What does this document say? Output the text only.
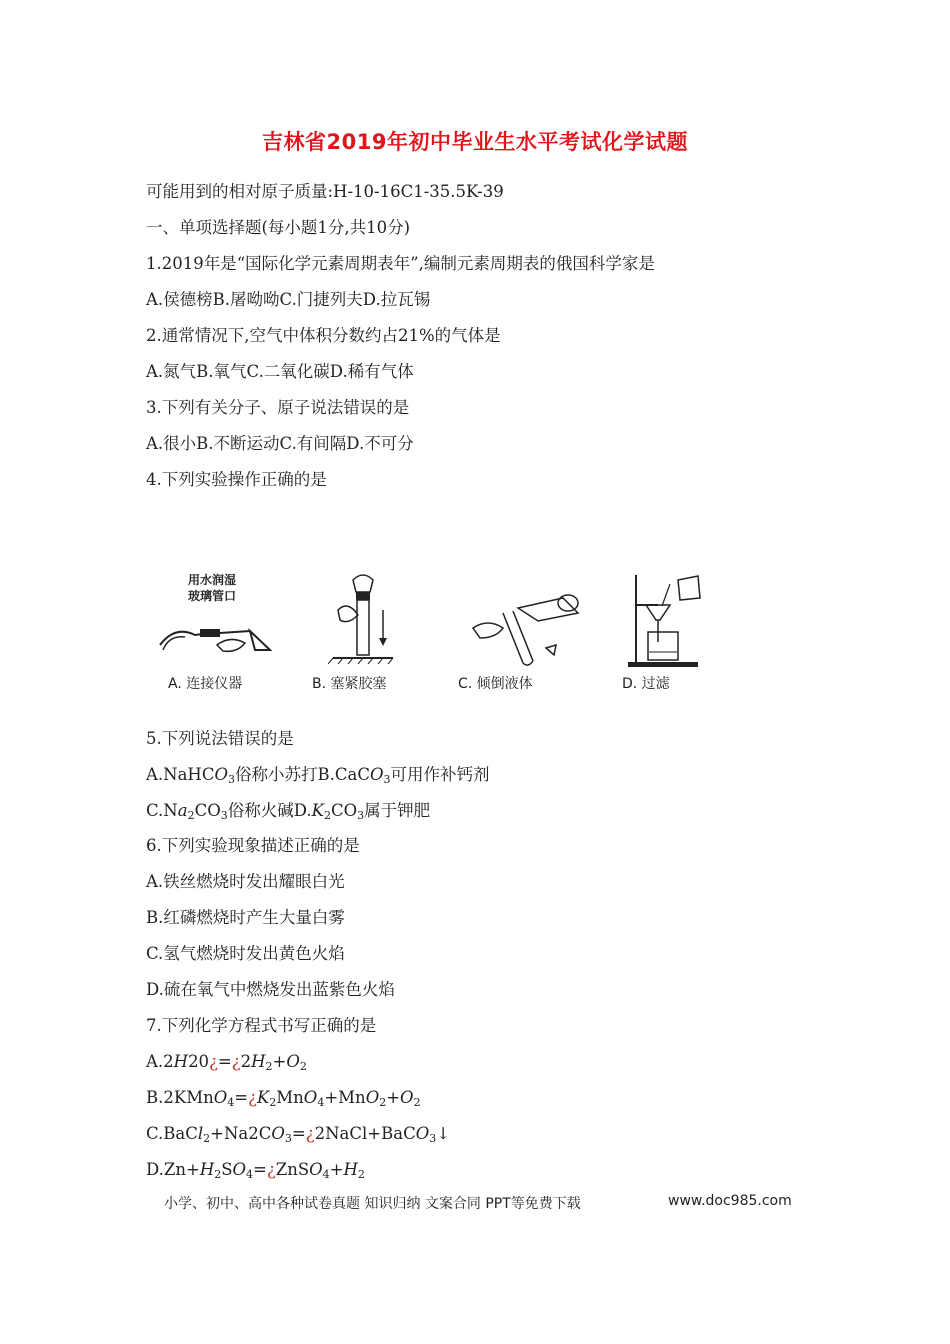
吉林省2019年初中毕业生水平考试化学试题
可能用到的相对原子质量:H-10-16C1-35.5K-39
一、单项选择题(每小题1分,共10分)
1.2019年是“国际化学元素周期表年”,编制元素周期表的俄国科学家是
A.侯德榜B.屠呦呦C.门捷列夫D.拉瓦锡
2.通常情况下,空气中体积分数约占21%的气体是
A.氮气B.氧气C.二氧化碳D.稀有气体
3.下列有关分子、原子说法错误的是
A.很小B.不断运动C.有间隔D.不可分
4.下列实验操作正确的是
用水润湿
玻璃管口
A. 连接仪器	B. 塞紧胶塞	C. 倾倒液体	D. 过滤
5.下列说法错误的是
A.NaHCO$_3$俗称小苏打B.CaCO$_3$可用作补钙剂
$C.Na_2CO_3$俗称火碱$D.K_2CO_3$属于钾肥
6.下列实验现象描述正确的是
A.铁丝燃烧时发出耀眼白光
B.红磷燃烧时产生大量白雾
C.氢气燃烧时发出黄色火焰
D.硫在氧气中燃烧发出蓝紫色火焰
7.下列化学方程式书写正确的是
$A.2H20¿=¿2H_2+O_2$
$B.2KMnO_4=¿K_2MnO_4+MnO_2+O_2$
$C.BaCl_2+Na2CO_3=¿2NaCl+BaCO_3↓$
$D.Zn+H_2SO_4=¿ZnSO_4+H_2$
小学、初中、高中各种试卷真题 知识归纳 文案合同 PPT等免费下载	www.doc985.com
